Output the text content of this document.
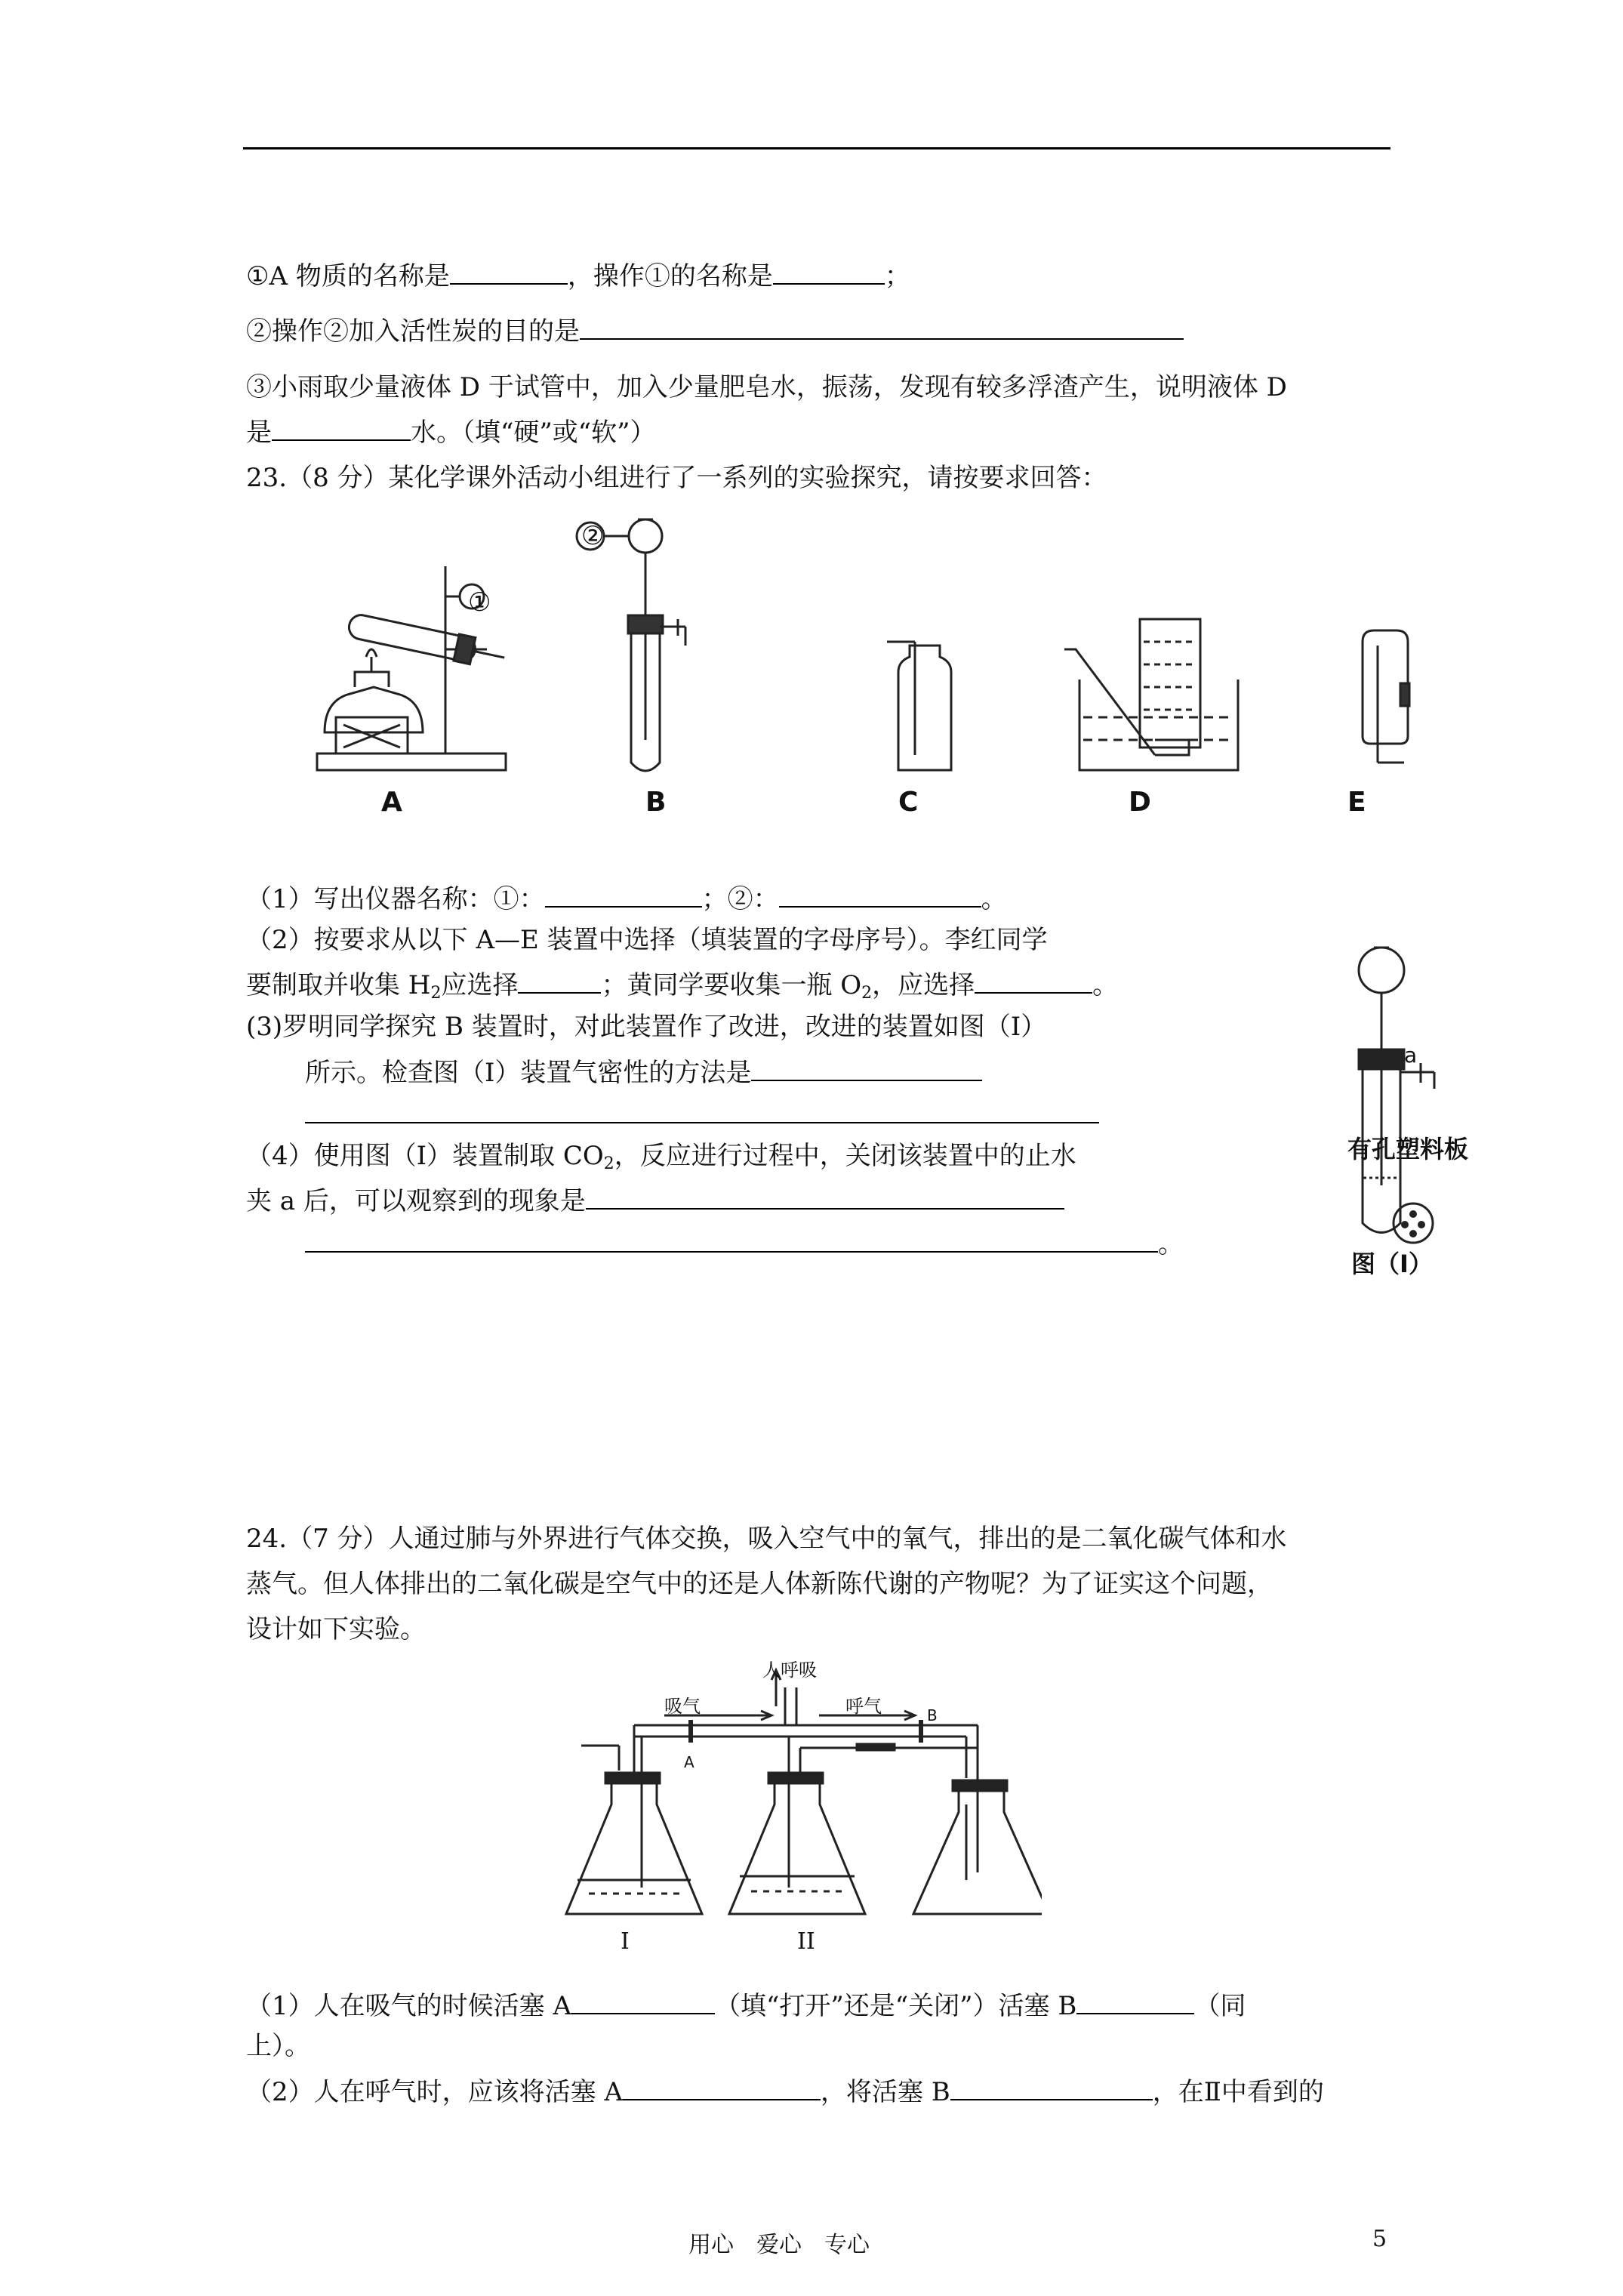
①A 物质的名称是	，操作①的名称是	；
②操作②加入活性炭的目的是
③小雨取少量液体 D 于试管中，加入少量肥皂水，振荡，发现有较多浮渣产生，说明液体 D
是	水。（填“硬”或“软”）
23.（8 分）某化学课外活动小组进行了一系列的实验探究，请按要求回答：
①
②
A	B	C	D	E
（1）写出仪器名称：①：	；②：	。
（2）按要求从以下 A—E 装置中选择（填装置的字母序号）。李红同学
要制取并收集 $H_2$应选择	；黄同学要收集一瓶 $O_2$，应选择	。
(3)罗明同学探究 B 装置时，对此装置作了改进，改进的装置如图（I）
所示。检查图（I）装置气密性的方法是
（4）使用图（I）装置制取 $CO_2$，反应进行过程中，关闭该装置中的止水
夹 a 后，可以观察到的现象是
。
a
有孔塑料板
图（I）
24.（7 分）人通过肺与外界进行气体交换，吸入空气中的氧气，排出的是二氧化碳气体和水
蒸气。但人体排出的二氧化碳是空气中的还是人体新陈代谢的产物呢？为了证实这个问题，
设计如下实验。
人呼吸
吸气	呼气
A
B
I	II
（1）人在吸气的时候活塞 A	（填“打开”还是“关闭”）活塞 B	（同
上）。
（2）人在呼气时，应该将活塞 A	，将活塞 B	，在Ⅱ中看到的
用心　爱心　专心	5
